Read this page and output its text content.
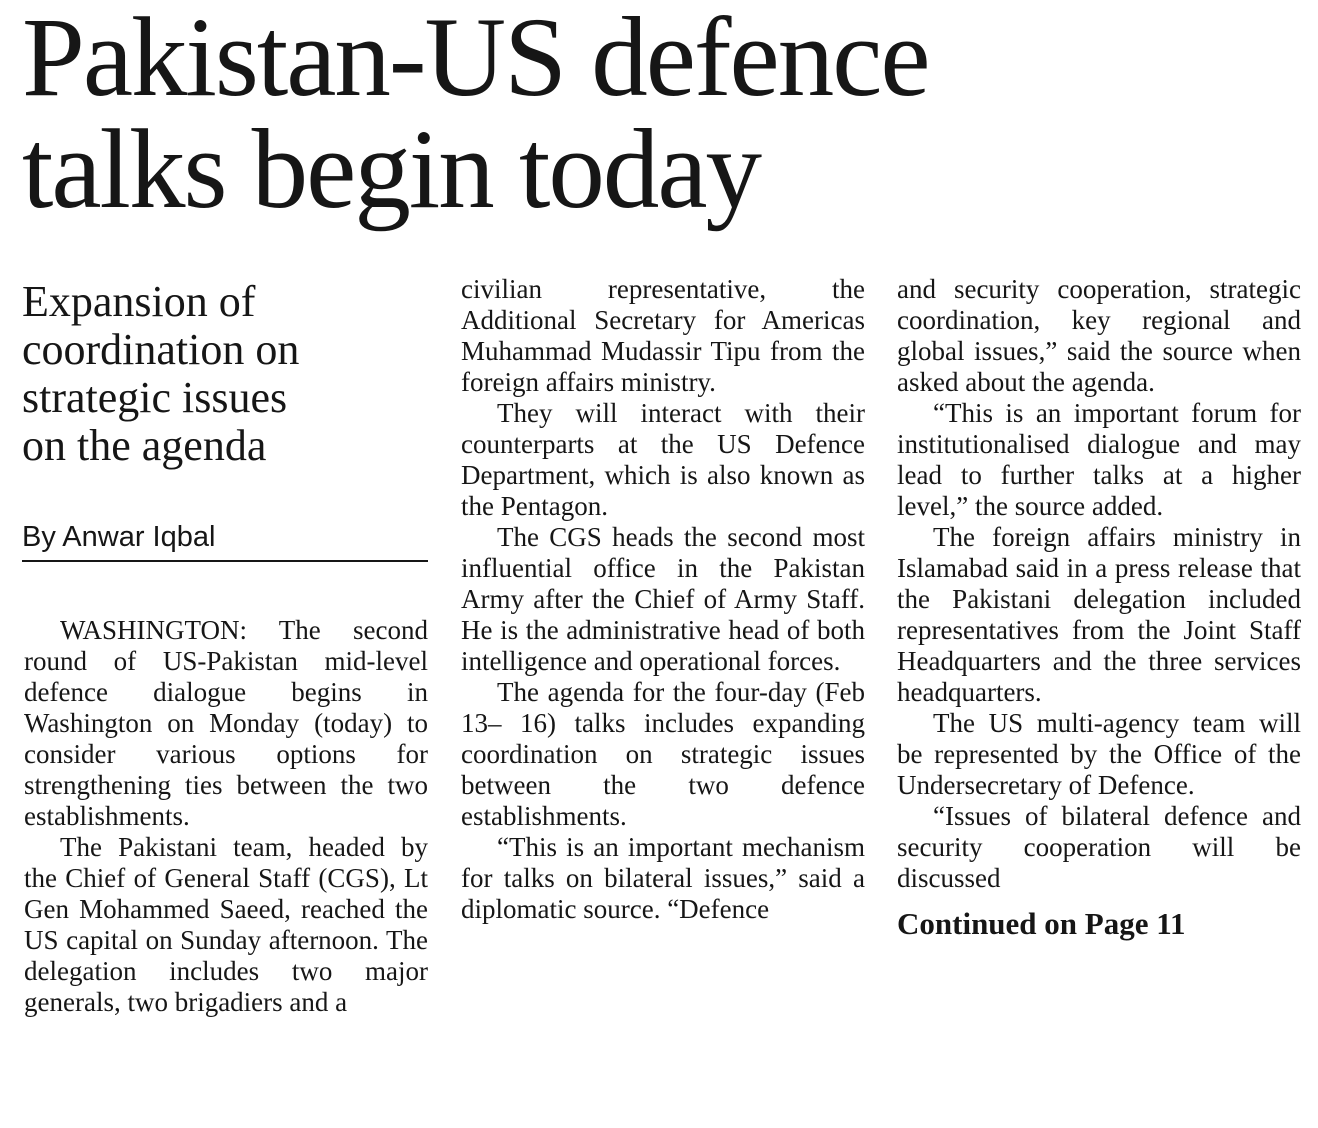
Pakistan-US defence
talks begin today
Expansion of
coordination on
strategic issues
on the agenda
By Anwar Iqbal

WASHINGTON: The second round of US-Pakistan mid-level defence dialogue begins in Washington on Monday (today) to consider various options for strengthening ties between the two establishments.

The Pakistani team, headed by the Chief of General Staff (CGS), Lt Gen Mohammed Saeed, reached the US capital on Sunday afternoon. The delegation includes two major generals, two brigadiers and a

civilian representative, the Additional Secretary for Americas Muhammad Mudassir Tipu from the foreign affairs ministry.

They will interact with their counterparts at the US Defence Department, which is also known as the Pentagon.

The CGS heads the second most influential office in the Pakistan Army after the Chief of Army Staff. He is the administrative head of both intelligence and operational forces.

The agenda for the four-day (Feb 13– 16) talks includes expanding coordination on strategic issues between the two defence establishments.

“This is an important mechanism for talks on bilateral issues,” said a diplomatic source. “Defence

and security cooperation, strategic coordination, key regional and global issues,” said the source when asked about the agenda.

“This is an important forum for institutionalised dialogue and may lead to further talks at a higher level,” the source added.

The foreign affairs ministry in Islamabad said in a press release that the Pakistani delegation included representatives from the Joint Staff Headquarters and the three services headquarters.

The US multi-agency team will be represented by the Office of the Undersecretary of Defence.

“Issues of bilateral defence and security cooperation will be discussed

Continued on Page 11
